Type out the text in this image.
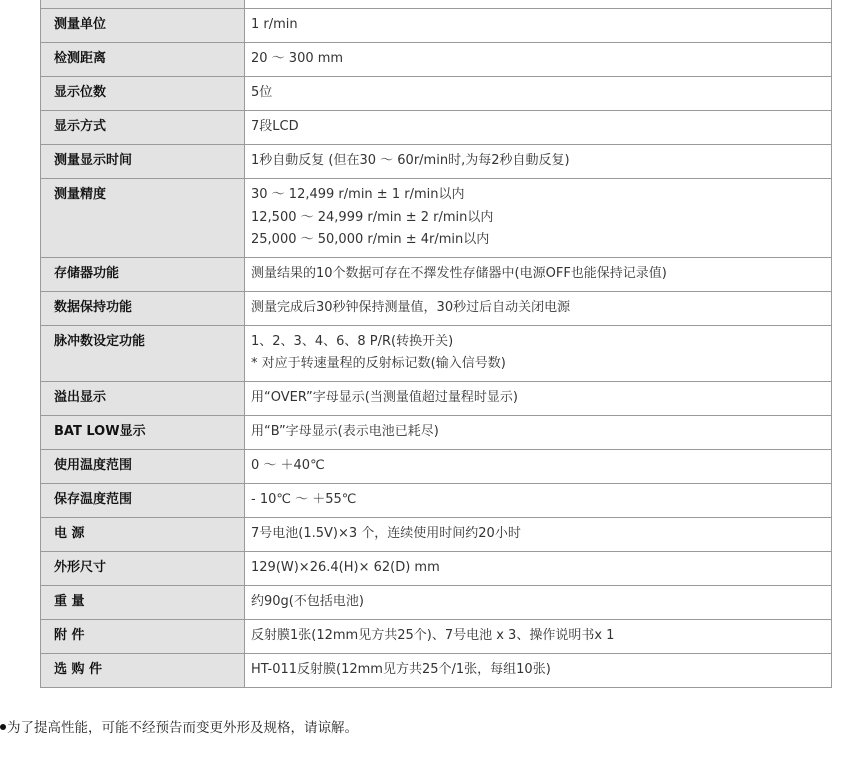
测量单位	1 r/min

检测距离	20 ～ 300 mm

显示位数	5位

显示方式	7段LCD

测量显示时间	1秒自動反复 (但在30 ～ 60r/min时,为每2秒自動反复)

测量精度	30 ～ 12,499 r/min ± 1 r/min以内
12,500 ～ 24,999 r/min ± 2 r/min以内
25,000 ～ 50,000 r/min ± 4r/min以内

存储器功能	测量结果的10个数据可存在不擇发性存储器中(电源OFF也能保持记录值)

数据保持功能	测量完成后30秒钟保持测量值，30秒过后自动关闭电源

脉冲数设定功能	1、2、3、4、6、8 P/R(转换开关)
* 对应于转速量程的反射标记数(输入信号数)

溢出显示	用“OVER”字母显示(当测量值超过量程时显示)

BAT LOW显示	用“B”字母显示(表示电池已耗尽)

使用温度范围	0 ～ ＋40℃

保存温度范围	- 10℃ ～ ＋55℃

电 源	7号电池(1.5V)×3 个，连续使用时间约20小时

外形尺寸	129(W)×26.4(H)× 62(D) mm

重 量	约90g(不包括电池)

附 件	反射膜1张(12mm见方共25个)、7号电池 x 3、操作说明书x 1

选 购 件	HT-011反射膜(12mm见方共25个/1张，每组10张)
为了提高性能，可能不经预告而变更外形及规格，请谅解。
